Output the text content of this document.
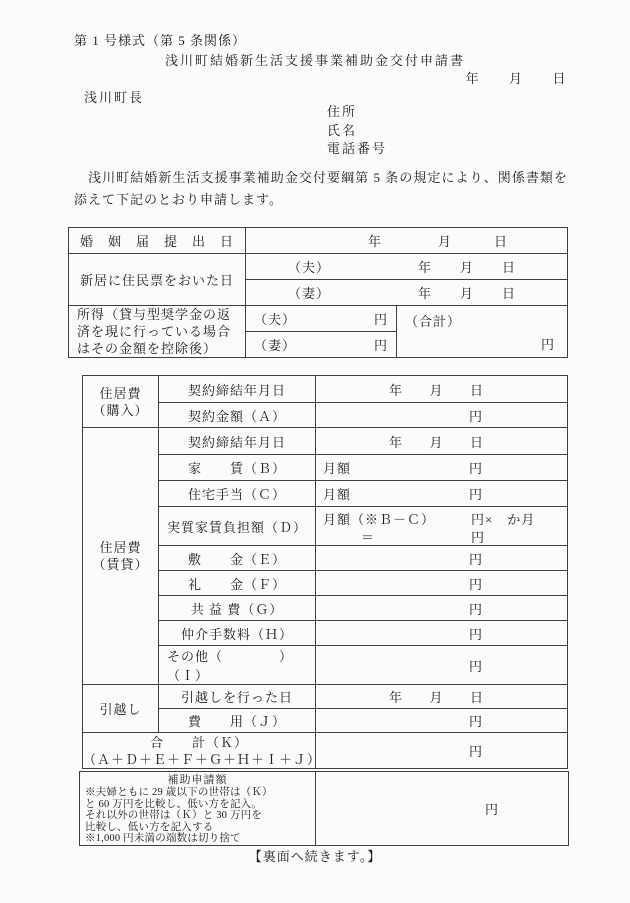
第 1 号様式（第 5 条関係）
浅川町結婚新生活支援事業補助金交付申請書
年　　月　　日
浅川町長
住所
氏名
電話番号
　浅川町結婚新生活支援事業補助金交付要綱第 5 条の規定により、関係書類を添えて下記のとおり申請します。
婚　姻　届　提　出　日	年　　　　月　　　日	
新居に住民票をおいた日	（夫） 年　　月　　日	

	（妻） 年　　月　　日	

所得（貸与型奨学金の返済を現に行っている場合はその金額を控除後）	（夫） 円	（合計）
円

	（妻） 円	
住居費
（購入）	契約締結年月日	年　　月　　日
	契約金額（Ａ）	円

住居費
（賃貸）	契約締結年月日	年　　月　　日
	家　　賃（Ｂ）	月額 円

	住宅手当（Ｃ）	月額 円

	実質家賃負担額（Ｄ）	月額（※Ｂ－Ｃ） 円×　か月
＝ 円

	敷　　金（Ｅ）	円
	礼　　金（Ｆ）	円
	共 益 費（Ｇ）	円
	仲介手数料（Ｈ）	円
	その他（　　　　）（Ｉ）	円
引越し	引越しを行った日	年　　月　　日
	費　　用（Ｊ）	円

合　　計（Ｋ）
（Ａ＋Ｄ＋Ｅ＋Ｆ＋Ｇ＋Ｈ＋Ｉ＋Ｊ）		円
補助申請額
※夫婦ともに 29 歳以下の世帯は（Ｋ）
と 60 万円を比較し、低い方を記入。
それ以外の世帯は（Ｋ）と 30 万円を
比較し、低い方を記入する
※1,000 円未満の端数は切り捨て
	円
【裏面へ続きます。】
